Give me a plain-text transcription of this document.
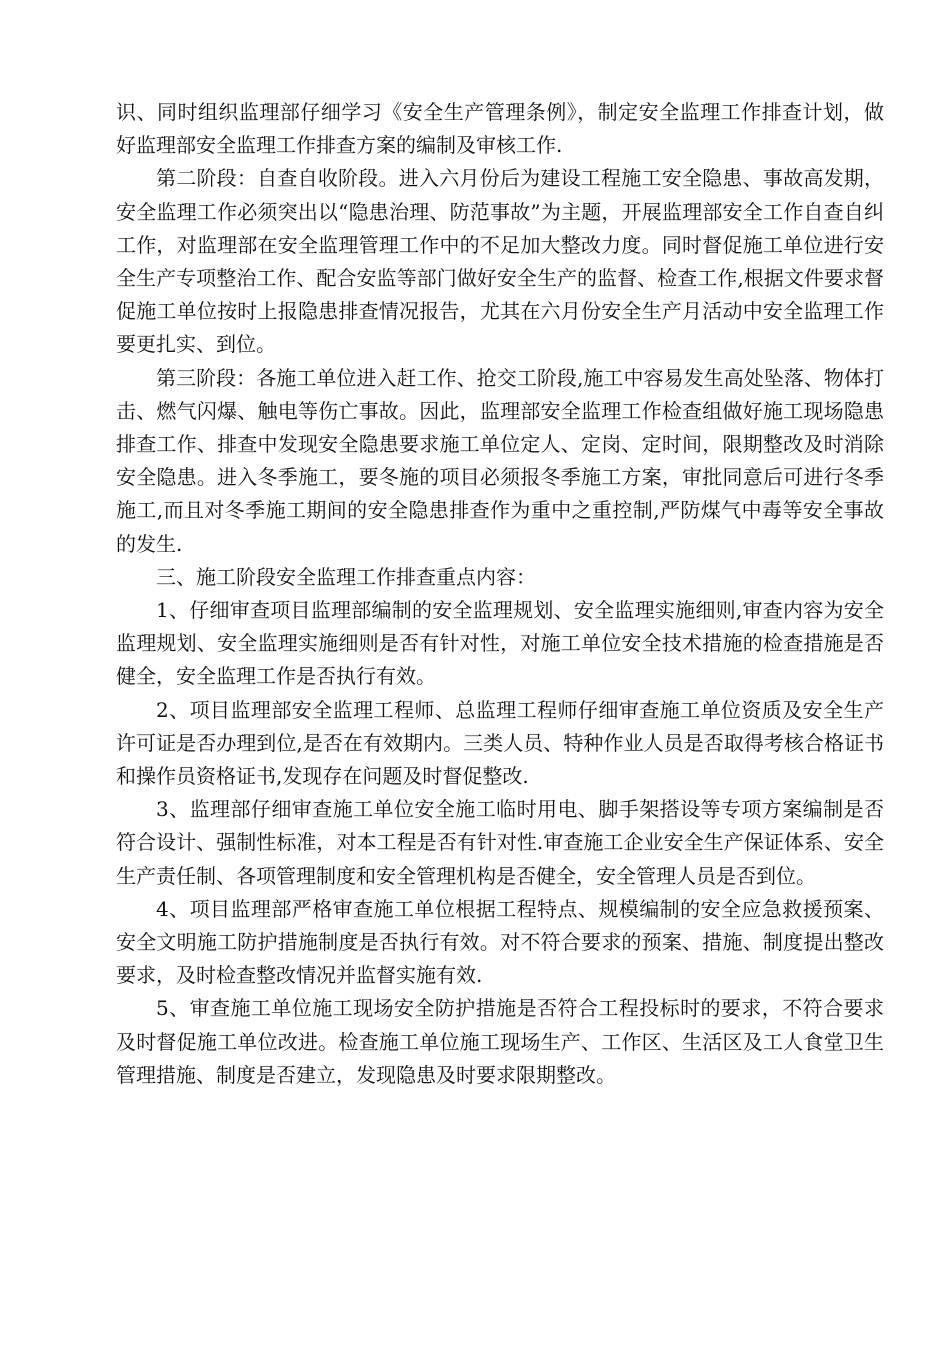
识、同时组织监理部仔细学习《安全生产管理条例》，制定安全监理工作排查计划，做好监理部安全监理工作排查方案的编制及审核工作.

第二阶段：自查自收阶段。进入六月份后为建设工程施工安全隐患、事故高发期，安全监理工作必须突出以“隐患治理、防范事故”为主题，开展监理部安全工作自查自纠工作，对监理部在安全监理管理工作中的不足加大整改力度。同时督促施工单位进行安全生产专项整治工作、配合安监等部门做好安全生产的监督、检查工作,根据文件要求督促施工单位按时上报隐患排查情况报告，尤其在六月份安全生产月活动中安全监理工作要更扎实、到位。

第三阶段：各施工单位进入赶工作、抢交工阶段,施工中容易发生高处坠落、物体打击、燃气闪爆、触电等伤亡事故。因此，监理部安全监理工作检查组做好施工现场隐患排查工作、排查中发现安全隐患要求施工单位定人、定岗、定时间，限期整改及时消除安全隐患。进入冬季施工，要冬施的项目必须报冬季施工方案，审批同意后可进行冬季施工,而且对冬季施工期间的安全隐患排查作为重中之重控制,严防煤气中毒等安全事故的发生.

三、施工阶段安全监理工作排查重点内容：

1、仔细审查项目监理部编制的安全监理规划、安全监理实施细则,审查内容为安全监理规划、安全监理实施细则是否有针对性，对施工单位安全技术措施的检查措施是否健全，安全监理工作是否执行有效。

2、项目监理部安全监理工程师、总监理工程师仔细审查施工单位资质及安全生产许可证是否办理到位,是否在有效期内。三类人员、特种作业人员是否取得考核合格证书和操作员资格证书,发现存在问题及时督促整改.

3、监理部仔细审查施工单位安全施工临时用电、脚手架搭设等专项方案编制是否符合设计、强制性标准，对本工程是否有针对性.审查施工企业安全生产保证体系、安全生产责任制、各项管理制度和安全管理机构是否健全，安全管理人员是否到位。

4、项目监理部严格审查施工单位根据工程特点、规模编制的安全应急救援预案、安全文明施工防护措施制度是否执行有效。对不符合要求的预案、措施、制度提出整改要求，及时检查整改情况并监督实施有效.

5、审查施工单位施工现场安全防护措施是否符合工程投标时的要求，不符合要求及时督促施工单位改进。检查施工单位施工现场生产、工作区、生活区及工人食堂卫生管理措施、制度是否建立，发现隐患及时要求限期整改。
